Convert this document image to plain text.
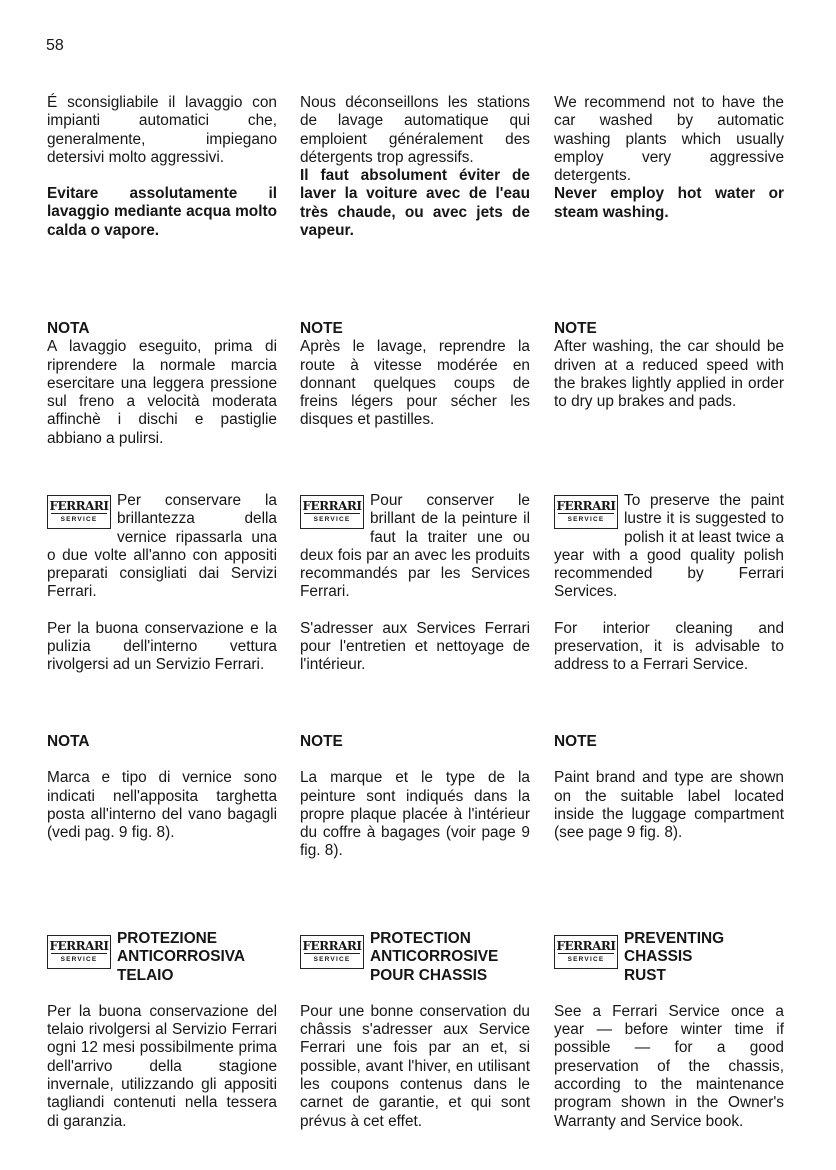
58

É sconsigliabile il lavaggio con impianti automatici che, generalmente, impiegano detersivi molto aggressivi.

Evitare assolutamente il lavaggio mediante acqua molto calda o vapore.

Nous déconseillons les stations de lavage automatique qui emploient généralement des détergents trop agressifs.

Il faut absolument éviter de laver la voiture avec de l'eau très chaude, ou avec jets de vapeur.

We recommend not to have the car washed by automatic washing plants which usually employ very aggressive detergents.

Never employ hot water or steam washing.

NOTA

A lavaggio eseguito, prima di riprendere la normale marcia esercitare una leggera pressione sul freno a velocità moderata affinchè i dischi e pastiglie abbiano a pulirsi.

NOTE

Après le lavage, reprendre la route à vitesse modérée en donnant quelques coups de freins légers pour sécher les disques et pastilles.

NOTE

After washing, the car should be driven at a reduced speed with the brakes lightly applied in order to dry up brakes and pads.

FERRARI
SERVICE

Per conservare la brillantezza della vernice ripassarla una o due volte all'anno con appositi preparati consigliati dai Servizi Ferrari.

Per la buona conservazione e la pulizia dell'interno vettura rivolgersi ad un Servizio Ferrari.

FERRARI
SERVICE

Pour conserver le brillant de la peinture il faut la traiter une ou deux fois par an avec les produits recommandés par les Services Ferrari.

S'adresser aux Services Ferrari pour l'entretien et nettoyage de l'intérieur.

FERRARI
SERVICE

To preserve the paint lustre it is suggested to polish it at least twice a year with a good quality polish recommended by Ferrari Services.

For interior cleaning and preservation, it is advisable to address to a Ferrari Service.

NOTA

Marca e tipo di vernice sono indicati nell'apposita targhetta posta all'interno del vano bagagli (vedi pag. 9 fig. 8).

NOTE

La marque et le type de la peinture sont indiqués dans la propre plaque placée à l'intérieur du coffre à bagages (voir page 9 fig. 8).

NOTE

Paint brand and type are shown on the suitable label located inside the luggage compartment (see page 9 fig. 8).

FERRARI
SERVICE
PROTEZIONE
ANTICORROSIVA
TELAIO

Per la buona conservazione del telaio rivolgersi al Servizio Ferrari ogni 12 mesi possibilmente prima dell'arrivo della stagione invernale, utilizzando gli appositi tagliandi contenuti nella tessera di garanzia.

FERRARI
SERVICE
PROTECTION
ANTICORROSIVE
POUR CHASSIS

Pour une bonne conservation du châssis s'adresser aux Service Ferrari une fois par an et, si possible, avant l'hiver, en utilisant les coupons contenus dans le carnet de garantie, et qui sont prévus à cet effet.

FERRARI
SERVICE
PREVENTING
CHASSIS
RUST

See a Ferrari Service once a year — before winter time if possible — for a good preservation of the chassis, according to the maintenance program shown in the Owner's Warranty and Service book.
